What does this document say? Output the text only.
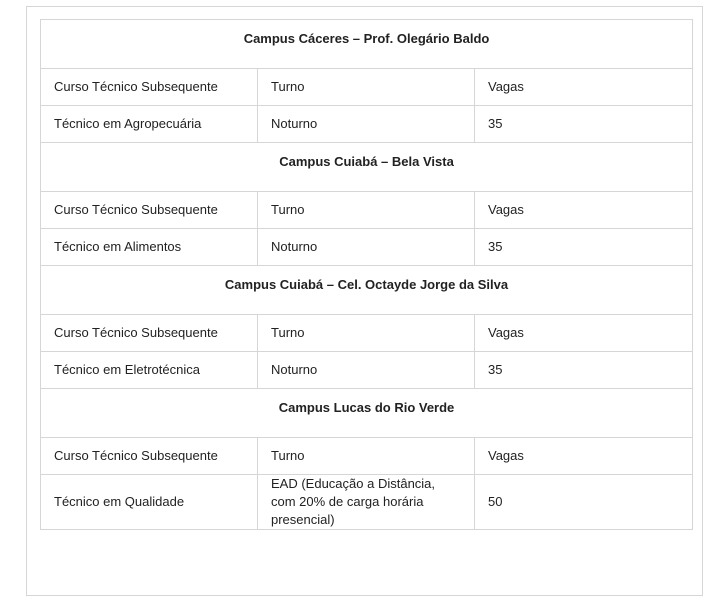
Campus Cáceres – Prof. Olegário Baldo		
Curso Técnico Subsequente	Turno	Vagas
Técnico em Agropecuária	Noturno	35
Campus Cuiabá – Bela Vista		
Curso Técnico Subsequente	Turno	Vagas
Técnico em Alimentos	Noturno	35
Campus Cuiabá – Cel. Octayde Jorge da Silva		
Curso Técnico Subsequente	Turno	Vagas
Técnico em Eletrotécnica	Noturno	35
Campus Lucas do Rio Verde		
Curso Técnico Subsequente	Turno	Vagas
Técnico em Qualidade	EAD (Educação a Distância, com 20% de carga horária presencial)	50
